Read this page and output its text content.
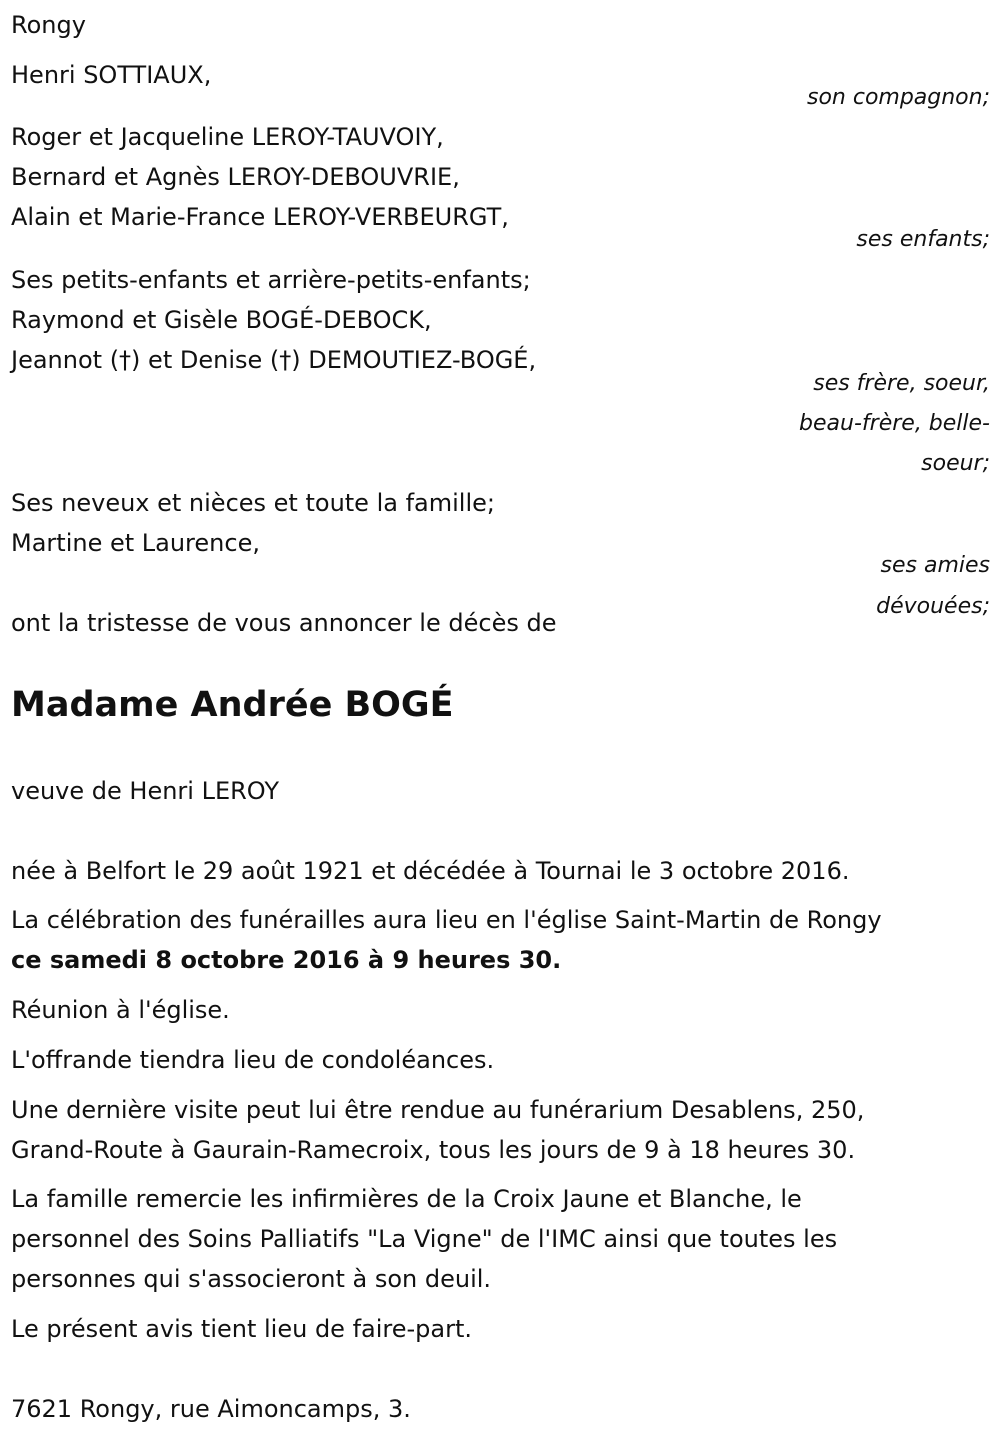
Rongy
Henri SOTTIAUX,
son compagnon;
Roger et Jacqueline LEROY-TAUVOIY,
Bernard et Agnès LEROY-DEBOUVRIE,
Alain et Marie-France LEROY-VERBEURGT,
ses enfants;
Ses petits-enfants et arrière-petits-enfants;
Raymond et Gisèle BOGÉ-DEBOCK,
Jeannot (†) et Denise (†) DEMOUTIEZ-BOGÉ,
ses frère, soeur,
beau-frère, belle-
soeur;
Ses neveux et nièces et toute la famille;
Martine et Laurence,
ses amies
dévouées;
ont la tristesse de vous annoncer le décès de
Madame Andrée BOGÉ
veuve de Henri LEROY
née à Belfort le 29 août 1921 et décédée à Tournai le 3 octobre 2016.
La célébration des funérailles aura lieu en l'église Saint-Martin de Rongy
ce samedi 8 octobre 2016 à 9 heures 30.
Réunion à l'église.
L'offrande tiendra lieu de condoléances.
Une dernière visite peut lui être rendue au funérarium Desablens, 250,
Grand-Route à Gaurain-Ramecroix, tous les jours de 9 à 18 heures 30.
La famille remercie les infirmières de la Croix Jaune et Blanche, le
personnel des Soins Palliatifs "La Vigne" de l'IMC ainsi que toutes les
personnes qui s'associeront à son deuil.
Le présent avis tient lieu de faire-part.
7621 Rongy, rue Aimoncamps, 3.
